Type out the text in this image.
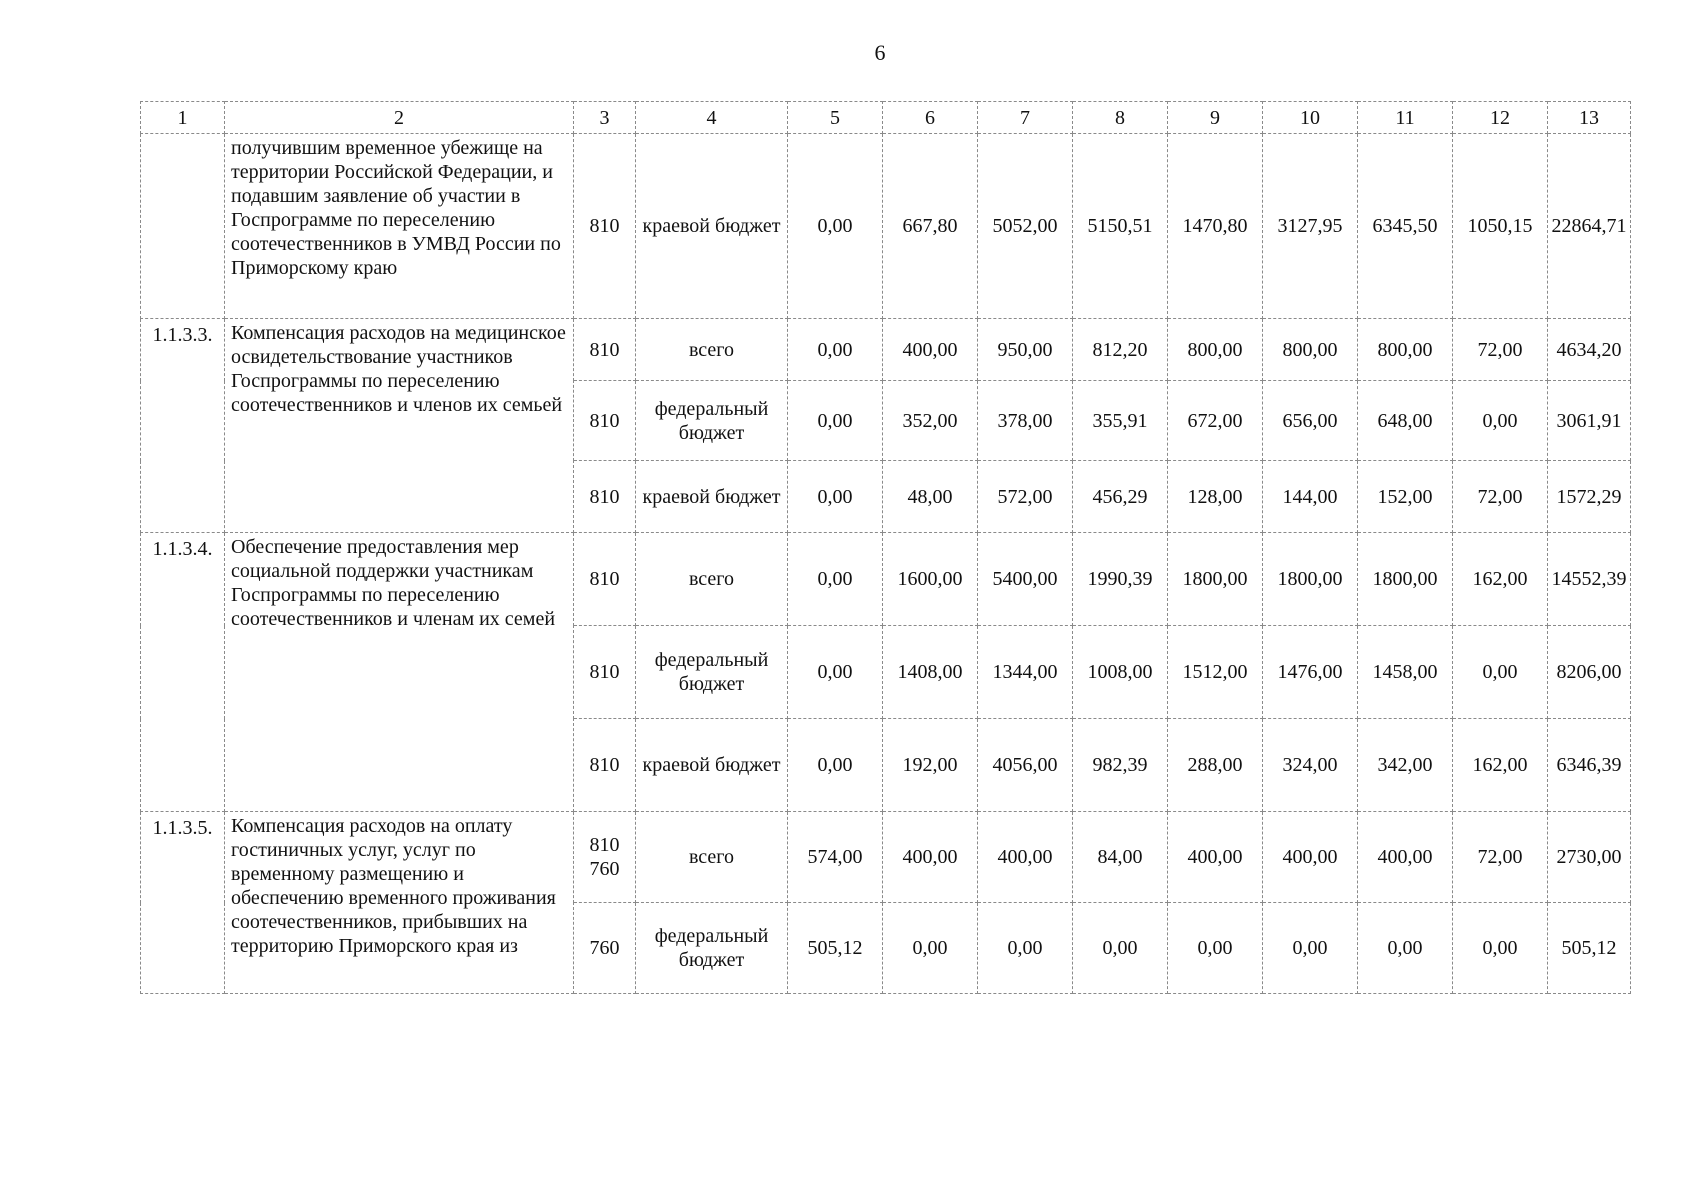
6
1	2	3	4	5	6	7	8	9	10	11	12	13
	получившим временное убежище на территории Российской Федерации, и подавшим заявление об участии в Госпрограмме по переселению соотечественников в УМВД России по Приморскому краю	810	краевой бюджет	0,00	667,80	5052,00	5150,51	1470,80	3127,95	6345,50	1050,15	22864,71
1.1.3.3.	Компенсация расходов на медицинское освидетельствование участников Госпрограммы по переселению соотечественников и членов их семьей	810	всего	0,00	400,00	950,00	812,20	800,00	800,00	800,00	72,00	4634,20
		810	федеральный бюджет	0,00	352,00	378,00	355,91	672,00	656,00	648,00	0,00	3061,91
		810	краевой бюджет	0,00	48,00	572,00	456,29	128,00	144,00	152,00	72,00	1572,29
1.1.3.4.	Обеспечение предоставления мер социальной поддержки участникам Госпрограммы по переселению соотечественников и членам их семей	810	всего	0,00	1600,00	5400,00	1990,39	1800,00	1800,00	1800,00	162,00	14552,39
		810	федеральный бюджет	0,00	1408,00	1344,00	1008,00	1512,00	1476,00	1458,00	0,00	8206,00
		810	краевой бюджет	0,00	192,00	4056,00	982,39	288,00	324,00	342,00	162,00	6346,39
1.1.3.5.	Компенсация расходов на оплату гостиничных услуг, услуг по временному размещению и обеспечению временного проживания соотечественников, прибывших на территорию Приморского края из	810 760	всего	574,00	400,00	400,00	84,00	400,00	400,00	400,00	72,00	2730,00
		760	федеральный бюджет	505,12	0,00	0,00	0,00	0,00	0,00	0,00	0,00	505,12
